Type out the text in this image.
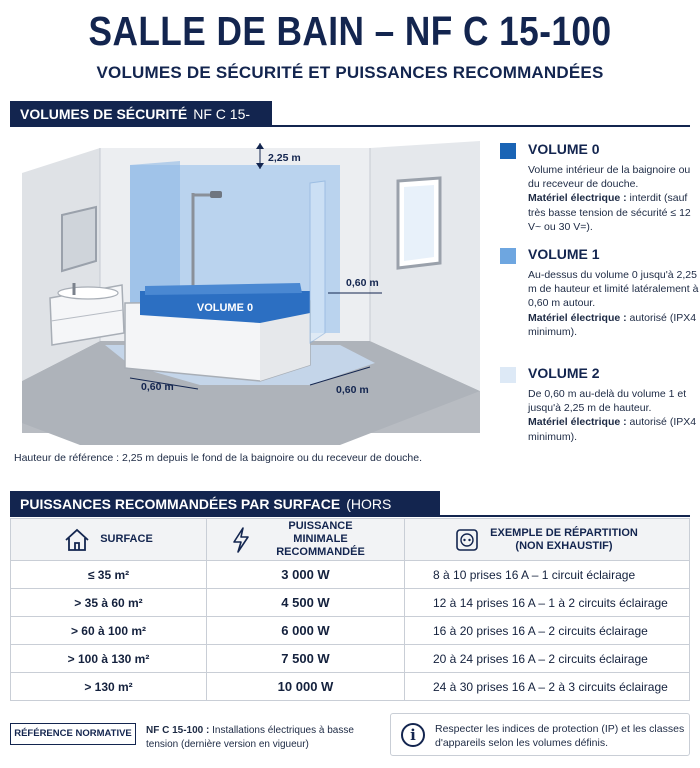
SALLE DE BAIN – NF C 15-100
VOLUMES DE SÉCURITÉ ET PUISSANCES RECOMMANDÉES
VOLUMES DE SÉCURITÉ NF C 15-100
VOLUME 0
2,25 m
0,60 m
0,60 m	0,60 m
VOLUME 0
Volume intérieur de la baignoire ou du receveur de douche.
Matériel électrique : interdit (sauf très basse tension de sécurité ≤ 12 V~ ou 30 V=).
VOLUME 1
Au-dessus du volume 0 jusqu'à 2,25 m de hauteur et limité latéralement à 0,60 m autour.
Matériel électrique : autorisé (IPX4 minimum).
VOLUME 2
De 0,60 m au-delà du volume 1 et jusqu'à 2,25 m de hauteur.
Matériel électrique : autorisé (IPX4 minimum).
Hauteur de référence : 2,25 m depuis le fond de la baignoire ou du receveur de douche.
PUISSANCES RECOMMANDÉES PAR SURFACE (HORS
SURFACE	PUISSANCE MINIMALE RECOMMANDÉE	EXEMPLE DE RÉPARTITION (NON EXHAUSTIF)

≤ 35 m²	3 000 W	8 à 10 prises 16 A – 1 circuit éclairage
> 35 à 60 m²	4 500 W	12 à 14 prises 16 A – 1 à 2 circuits éclairage
> 60 à 100 m²	6 000 W	16 à 20 prises 16 A – 2 circuits éclairage
> 100 à 130 m²	7 500 W	20 à 24 prises 16 A – 2 circuits éclairage
> 130 m²	10 000 W	24 à 30 prises 16 A – 2 à 3 circuits éclairage
RÉFÉRENCE NORMATIVE	NF C 15-100 : Installations électriques à basse tension (dernière version en vigueur)	i	Respecter les indices de protection (IP) et les classes d'appareils selon les volumes définis.
